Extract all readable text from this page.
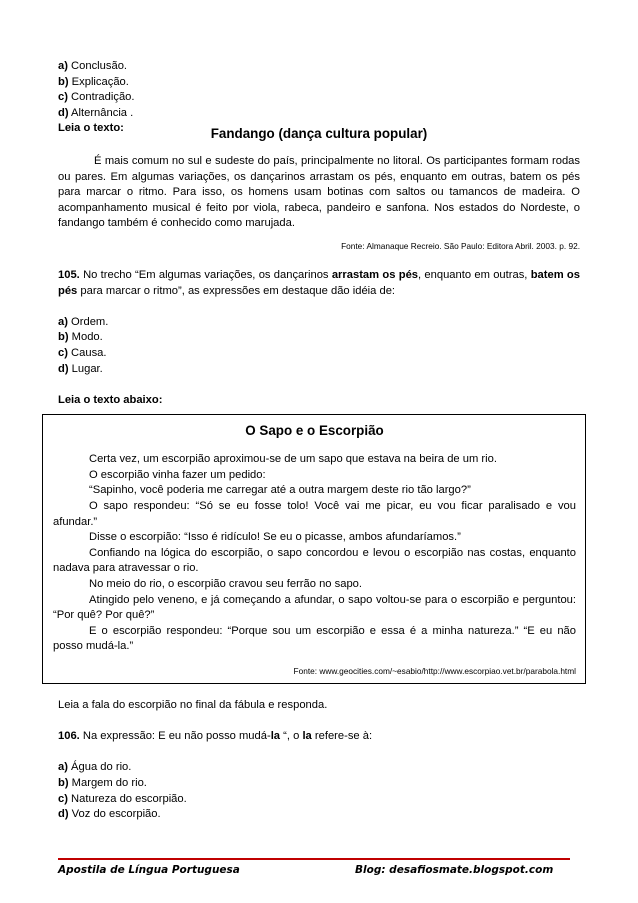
a) Conclusão.
b) Explicação.
c) Contradição.
d) Alternância .
Leia o texto:	Fandango (dança cultura popular)

É mais comum no sul e sudeste do país, principalmente no litoral. Os participantes formam rodas ou pares. Em algumas variações, os dançarinos arrastam os pés, enquanto em outras, batem os pés para marcar o ritmo. Para isso, os homens usam botinas com saltos ou tamancos de madeira. O acompanhamento musical é feito por viola, rabeca, pandeiro e sanfona. Nos estados do Nordeste, o fandango também é conhecido como marujada.

Fonte: Almanaque Recreio. São Paulo: Editora Abril. 2003. p. 92.

105. No trecho “Em algumas variações, os dançarinos arrastam os pés, enquanto em outras, batem os pés para marcar o ritmo”, as expressões em destaque dão idéia de:

a) Ordem.
b) Modo.
c) Causa.
d) Lugar.
Leia o texto abaixo:
O Sapo e o Escorpião
Certa vez, um escorpião aproximou-se de um sapo que estava na beira de um rio.
O escorpião vinha fazer um pedido:
“Sapinho, você poderia me carregar até a outra margem deste rio tão largo?”

O sapo respondeu: “Só se eu fosse tolo! Você vai me picar, eu vou ficar paralisado e vou afundar.”

Disse o escorpião: “Isso é ridículo! Se eu o picasse, ambos afundaríamos.”

Confiando na lógica do escorpião, o sapo concordou e levou o escorpião nas costas, enquanto nadava para atravessar o rio.

No meio do rio, o escorpião cravou seu ferrão no sapo.

Atingido pelo veneno, e já começando a afundar, o sapo voltou-se para o escorpião e perguntou: “Por quê? Por quê?”

E o escorpião respondeu: “Porque sou um escorpião e essa é a minha natureza.” “E eu não posso mudá-la.”

Fonte: www.geocities.com/~esabio/http://www.escorpiao.vet.br/parabola.html
Leia a fala do escorpião no final da fábula e responda.
106. Na expressão: E eu não posso mudá-la “, o la refere-se à:
a) Água do rio.
b) Margem do rio.
c) Natureza do escorpião.
d) Voz do escorpião.
Apostila de Língua Portuguesa	Blog: desafiosmate.blogspot.com
